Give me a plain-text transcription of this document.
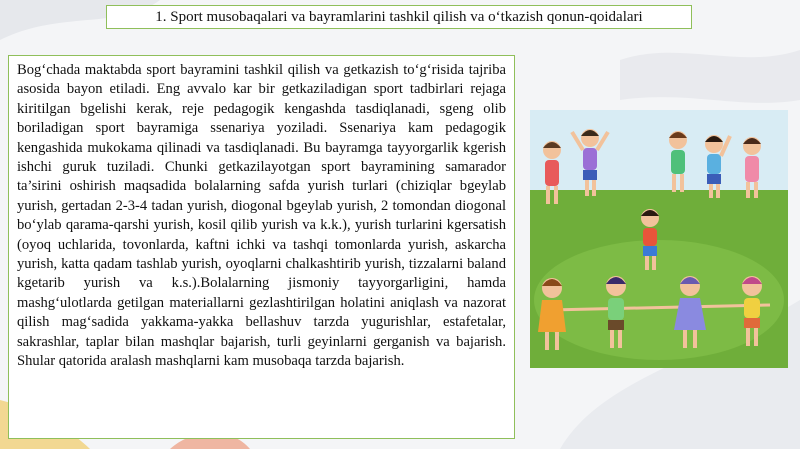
1. Sport musobaqalari va bayramlarini tashkil qilish va o‘tkazish qonun-qoidalari

Bog‘chada maktabda sport bayramini tashkil qilish va getkazish to‘g‘risida tajriba asosida bayon etiladi. Eng avvalo kar bir getkaziladigan sport tadbirlari rejaga kiritilgan bgelishi kerak, reje pedagogik kengashda tasdiqlanadi, sgeng olib boriladigan sport bayramiga ssenariya yoziladi. Ssenariya kam pedagogik kengashida mukokama qilinadi va tasdiqlanadi. Bu bayramga tayyorgarlik kgerish ishchi guruk tuziladi. Chunki getkazilayotgan sport bayramining samarador ta’sirini oshirish maqsadida bolalarning safda yurish turlari (chiziqlar bgeylab yurish, gertadan 2-3-4 tadan yurish, diogonal bgeylab yurish, 2 tomondan diogonal bo‘ylab qarama-qarshi yurish, kosil qilib yurish va k.k.), yurish turlarini kgersatish (oyoq uchlarida, tovonlarda, kaftni ichki va tashqi tomonlarda yurish, askarcha yurish, katta qadam tashlab yurish, oyoqlarni chalkashtirib yurish, tizzalarni baland kgetarib yurish va k.s.).Bolalarning jismoniy tayyorgarligini, hamda mashg‘ulotlarda getilgan materiallarni gezlashtirilgan holatini aniqlash va nazorat qilish mag‘sadida yakkama-yakka bellashuv tarzda yugurishlar, estafetalar, sakrashlar, taplar bilan mashqlar bajarish, turli geyinlarni gerganish va bajarish. Shular qatorida aralash mashqlarni kam musobaqa tarzda bajarish.
